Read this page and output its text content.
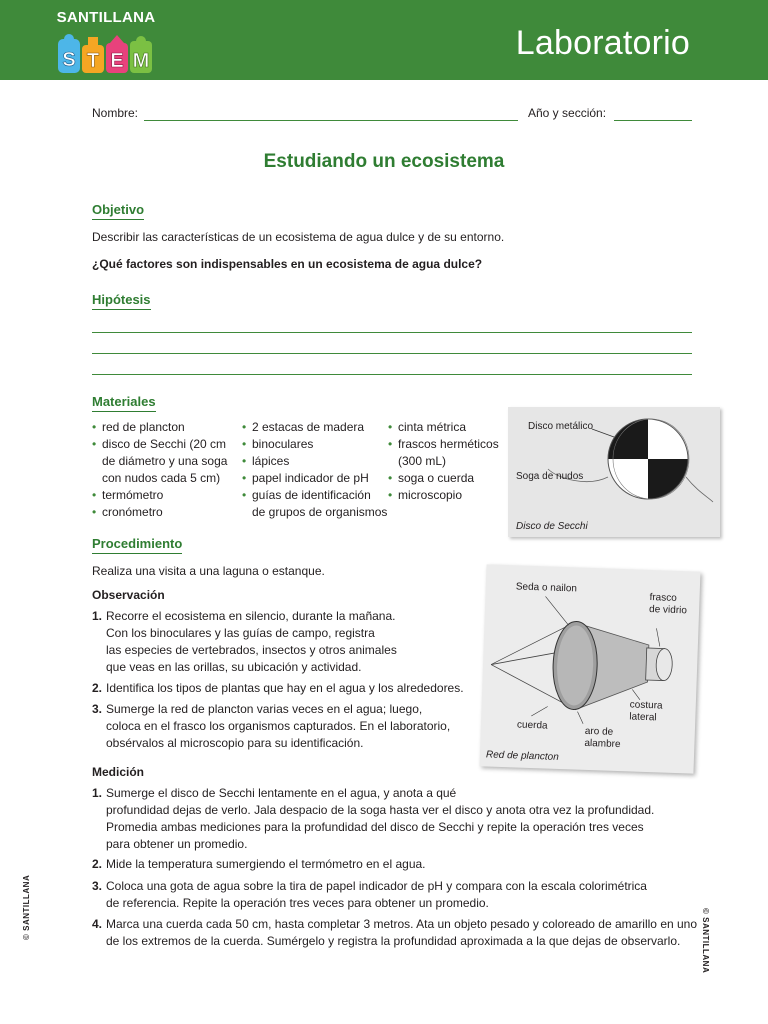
SANTILLANA
S T E M	Laboratorio
Nombre:	Año y sección:
Estudiando un ecosistema
Objetivo
Describir las características de un ecosistema de agua dulce y de su entorno.
¿Qué factores son indispensables en un ecosistema de agua dulce?
Hipótesis
Materiales
• red de plancton
• disco de Secchi (20 cm
de diámetro y una soga
con nudos cada 5 cm)
• termómetro
• cronómetro
• 2 estacas de madera
• binoculares
• lápices
• papel indicador de pH
• guías de identificación
de grupos de organismos
• cinta métrica
• frascos herméticos
(300 mL)
• soga o cuerda
• microscopio
Disco metálico
Soga de nudos
Disco de Secchi
Procedimiento
Realiza una visita a una laguna o estanque.
Observación
1. Recorre el ecosistema en silencio, durante la mañana.
Con los binoculares y las guías de campo, registra
las especies de vertebrados, insectos y otros animales
que veas en las orillas, su ubicación y actividad.
2. Identifica los tipos de plantas que hay en el agua y los alrededores.
3. Sumerge la red de plancton varias veces en el agua; luego,
coloca en el frasco los organismos capturados. En el laboratorio,
obsérvalos al microscopio para su identificación.
Medición
1. Sumerge el disco de Secchi lentamente en el agua, y anota a qué
profundidad dejas de verlo. Jala despacio de la soga hasta ver el disco y anota otra vez la profundidad.
Promedia ambas mediciones para la profundidad del disco de Secchi y repite la operación tres veces
para obtener un promedio.
2. Mide la temperatura sumergiendo el termómetro en el agua.
3. Coloca una gota de agua sobre la tira de papel indicador de pH y compara con la escala colorimétrica
de referencia. Repite la operación tres veces para obtener un promedio.
4. Marca una cuerda cada 50 cm, hasta completar 3 metros. Ata un objeto pesado y coloreado de amarillo en uno
de los extremos de la cuerda. Sumérgelo y registra la profundidad aproximada a la que dejas de observarlo.
Seda o nailon
frascode vidrio
costuralateral
cuerda
aro dealambre
Red de plancton
© SANTILLANA
© SANTILLANA
